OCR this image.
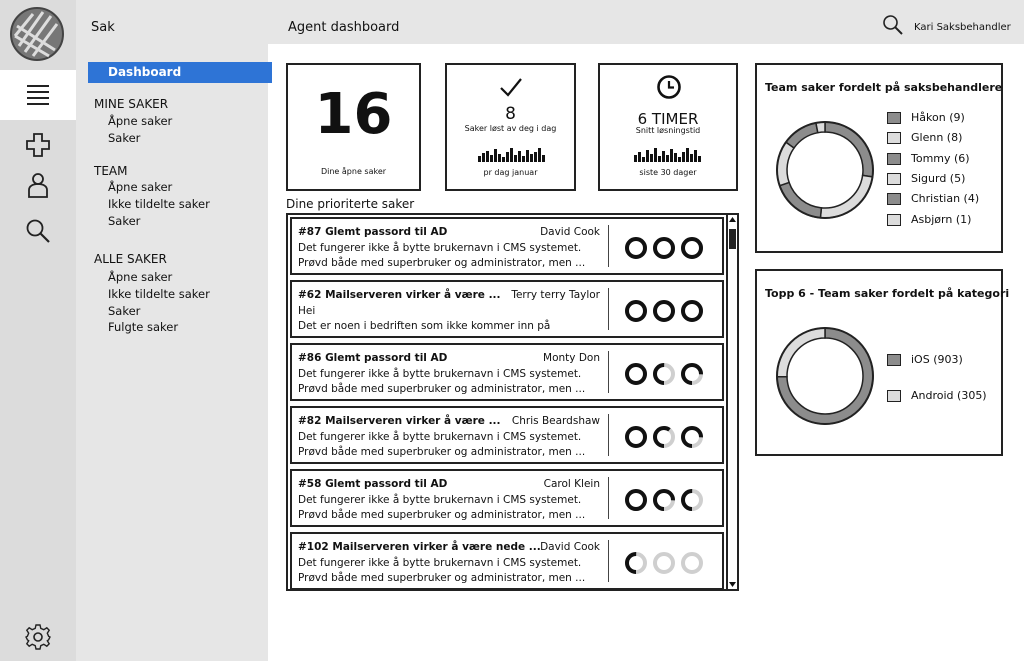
Sak	Agent dashboard	Kari Saksbehandler
Dashboard
MINE SAKER
Åpne saker
Saker
TEAM
Åpne saker
Ikke tildelte saker
Saker
ALLE SAKER
Åpne saker
Ikke tildelte saker
Saker
Fulgte saker
16
Dine åpne saker
8
Saker løst av deg i dag
pr dag januar
6 TIMER
Snitt løsningstid
siste 30 dager
Dine prioriterte saker
#87 Glemt passord til AD	David Cook
Det fungerer ikke å bytte brukernavn i CMS systemet.
Prøvd både med superbruker og administrator, men ...
#62 Mailserveren virker å være ...	Terry terry Taylor
Hei
Det er noen i bedriften som ikke kommer inn på
#86 Glemt passord til AD	Monty Don
Det fungerer ikke å bytte brukernavn i CMS systemet.
Prøvd både med superbruker og administrator, men ...
#82 Mailserveren virker å være ...	Chris Beardshaw
Det fungerer ikke å bytte brukernavn i CMS systemet.
Prøvd både med superbruker og administrator, men ...
#58 Glemt passord til AD	Carol Klein
Det fungerer ikke å bytte brukernavn i CMS systemet.
Prøvd både med superbruker og administrator, men ...
#102 Mailserveren virker å være nede ... David Cook
Det fungerer ikke å bytte brukernavn i CMS systemet.
Prøvd både med superbruker og administrator, men ...
Team saker fordelt på saksbehandlere
Håkon (9)
Glenn (8)
Tommy (6)
Sigurd (5)
Christian (4)
Asbjørn (1)
Topp 6 - Team saker fordelt på kategori
iOS (903)
Android (305)
